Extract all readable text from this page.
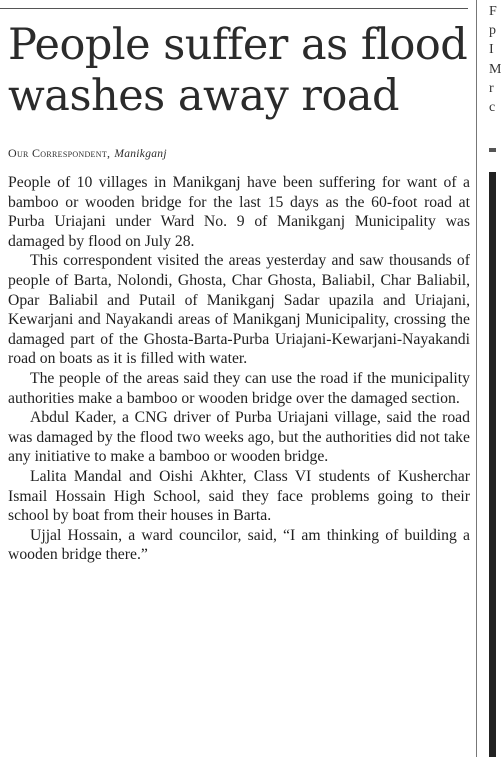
People suffer as flood washes away road
Our Correspondent, Manikganj

People of 10 villages in Manikganj have been suffering for want of a bamboo or wooden bridge for the last 15 days as the 60-foot road at Purba Uriajani under Ward No. 9 of Manikganj Municipality was damaged by flood on July 28.

This correspondent visited the areas yesterday and saw thousands of people of Barta, Nolondi, Ghosta, Char Ghosta, Baliabil, Char Baliabil, Opar Baliabil and Putail of Manikganj Sadar upazila and Uriajani, Kewarjani and Nayakandi areas of Manikganj Municipality, crossing the damaged part of the Ghosta-Barta-Purba Uriajani-Kewarjani-Nayakandi road on boats as it is filled with water.

The people of the areas said they can use the road if the municipality authorities make a bamboo or wooden bridge over the damaged section.

Abdul Kader, a CNG driver of Purba Uriajani village, said the road was damaged by the flood two weeks ago, but the authorities did not take any initiative to make a bamboo or wooden bridge.

Lalita Mandal and Oishi Akhter, Class VI students of Kusherchar Ismail Hossain High School, said they face problems going to their school by boat from their houses in Barta.

Ujjal Hossain, a ward councilor, said, “I am thinking of building a wooden bridge there.”

F
p
I
M
r
c
